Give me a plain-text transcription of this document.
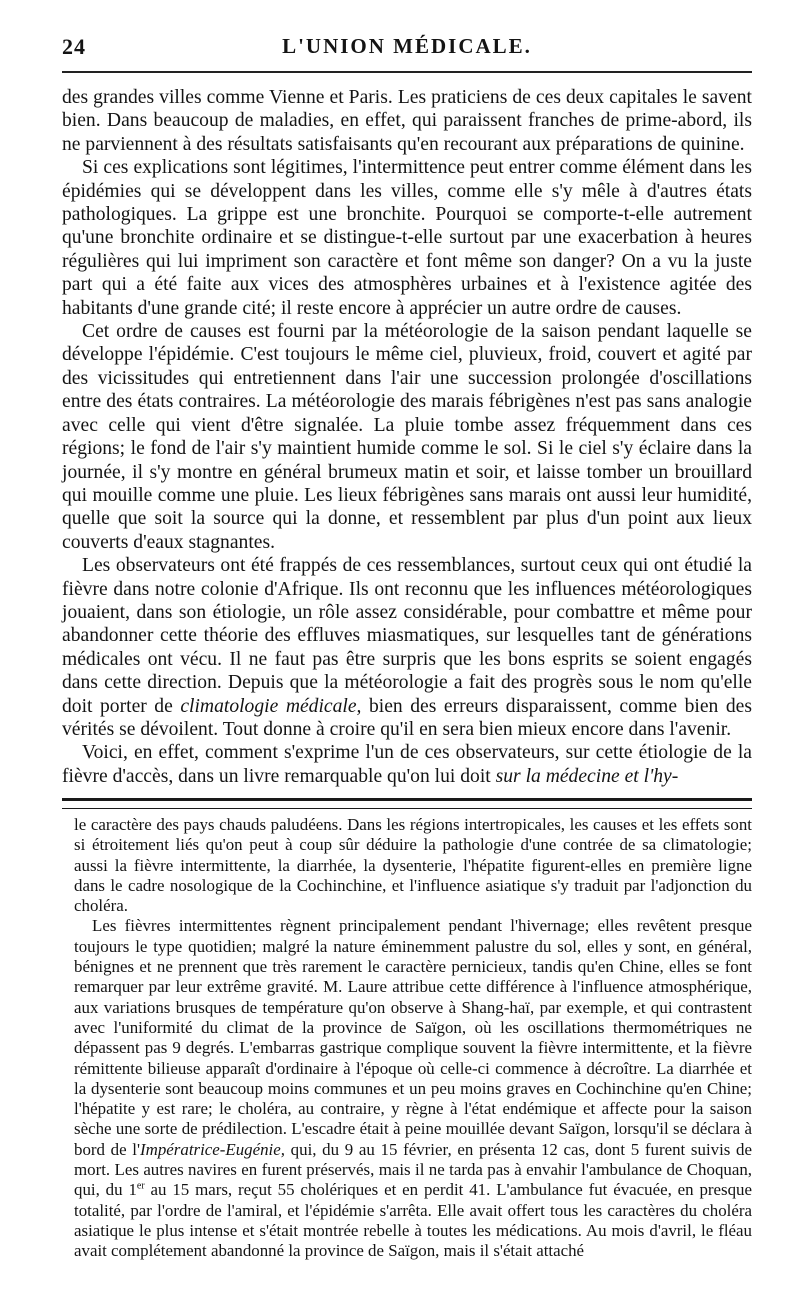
24	L'UNION MÉDICALE.

des grandes villes comme Vienne et Paris. Les praticiens de ces deux capitales le savent bien. Dans beaucoup de maladies, en effet, qui paraissent franches de prime-abord, ils ne parviennent à des résultats satisfaisants qu'en recourant aux préparations de quinine.

Si ces explications sont légitimes, l'intermittence peut entrer comme élément dans les épidémies qui se développent dans les villes, comme elle s'y mêle à d'autres états pathologiques. La grippe est une bronchite. Pourquoi se comporte-t-elle autrement qu'une bronchite ordinaire et se distingue-t-elle surtout par une exacerbation à heures régulières qui lui impriment son caractère et font même son danger? On a vu la juste part qui a été faite aux vices des atmosphères urbaines et à l'existence agitée des habitants d'une grande cité; il reste encore à apprécier un autre ordre de causes.

Cet ordre de causes est fourni par la météorologie de la saison pendant laquelle se développe l'épidémie. C'est toujours le même ciel, pluvieux, froid, couvert et agité par des vicissitudes qui entretiennent dans l'air une succession prolongée d'oscillations entre des états contraires. La météorologie des marais fébrigènes n'est pas sans analogie avec celle qui vient d'être signalée. La pluie tombe assez fréquemment dans ces régions; le fond de l'air s'y maintient humide comme le sol. Si le ciel s'y éclaire dans la journée, il s'y montre en général brumeux matin et soir, et laisse tomber un brouillard qui mouille comme une pluie. Les lieux fébrigènes sans marais ont aussi leur humidité, quelle que soit la source qui la donne, et ressemblent par plus d'un point aux lieux couverts d'eaux stagnantes.

Les observateurs ont été frappés de ces ressemblances, surtout ceux qui ont étudié la fièvre dans notre colonie d'Afrique. Ils ont reconnu que les influences météorologiques jouaient, dans son étiologie, un rôle assez considérable, pour combattre et même pour abandonner cette théorie des effluves miasmatiques, sur lesquelles tant de générations médicales ont vécu. Il ne faut pas être surpris que les bons esprits se soient engagés dans cette direction. Depuis que la météorologie a fait des progrès sous le nom qu'elle doit porter de climatologie médicale, bien des erreurs disparaissent, comme bien des vérités se dévoilent. Tout donne à croire qu'il en sera bien mieux encore dans l'avenir.

Voici, en effet, comment s'exprime l'un de ces observateurs, sur cette étiologie de la fièvre d'accès, dans un livre remarquable qu'on lui doit sur la médecine et l'hy-

le caractère des pays chauds paludéens. Dans les régions intertropicales, les causes et les effets sont si étroitement liés qu'on peut à coup sûr déduire la pathologie d'une contrée de sa climatologie; aussi la fièvre intermittente, la diarrhée, la dysenterie, l'hépatite figurent-elles en première ligne dans le cadre nosologique de la Cochinchine, et l'influence asiatique s'y traduit par l'adjonction du choléra.

Les fièvres intermittentes règnent principalement pendant l'hivernage; elles revêtent presque toujours le type quotidien; malgré la nature éminemment palustre du sol, elles y sont, en général, bénignes et ne prennent que très rarement le caractère pernicieux, tandis qu'en Chine, elles se font remarquer par leur extrême gravité. M. Laure attribue cette différence à l'influence atmosphérique, aux variations brusques de température qu'on observe à Shang-haï, par exemple, et qui contrastent avec l'uniformité du climat de la province de Saïgon, où les oscillations thermométriques ne dépassent pas 9 degrés. L'embarras gastrique complique souvent la fièvre intermittente, et la fièvre rémittente bilieuse apparaît d'ordinaire à l'époque où celle-ci commence à décroître. La diarrhée et la dysenterie sont beaucoup moins communes et un peu moins graves en Cochinchine qu'en Chine; l'hépatite y est rare; le choléra, au contraire, y règne à l'état endémique et affecte pour la saison sèche une sorte de prédilection. L'escadre était à peine mouillée devant Saïgon, lorsqu'il se déclara à bord de l'Impératrice-Eugénie, qui, du 9 au 15 février, en présenta 12 cas, dont 5 furent suivis de mort. Les autres navires en furent préservés, mais il ne tarda pas à envahir l'ambulance de Choquan, qui, du 1er au 15 mars, reçut 55 cholériques et en perdit 41. L'ambulance fut évacuée, en presque totalité, par l'ordre de l'amiral, et l'épidémie s'arrêta. Elle avait offert tous les caractères du choléra asiatique le plus intense et s'était montrée rebelle à toutes les médications. Au mois d'avril, le fléau avait complétement abandonné la province de Saïgon, mais il s'était attaché
